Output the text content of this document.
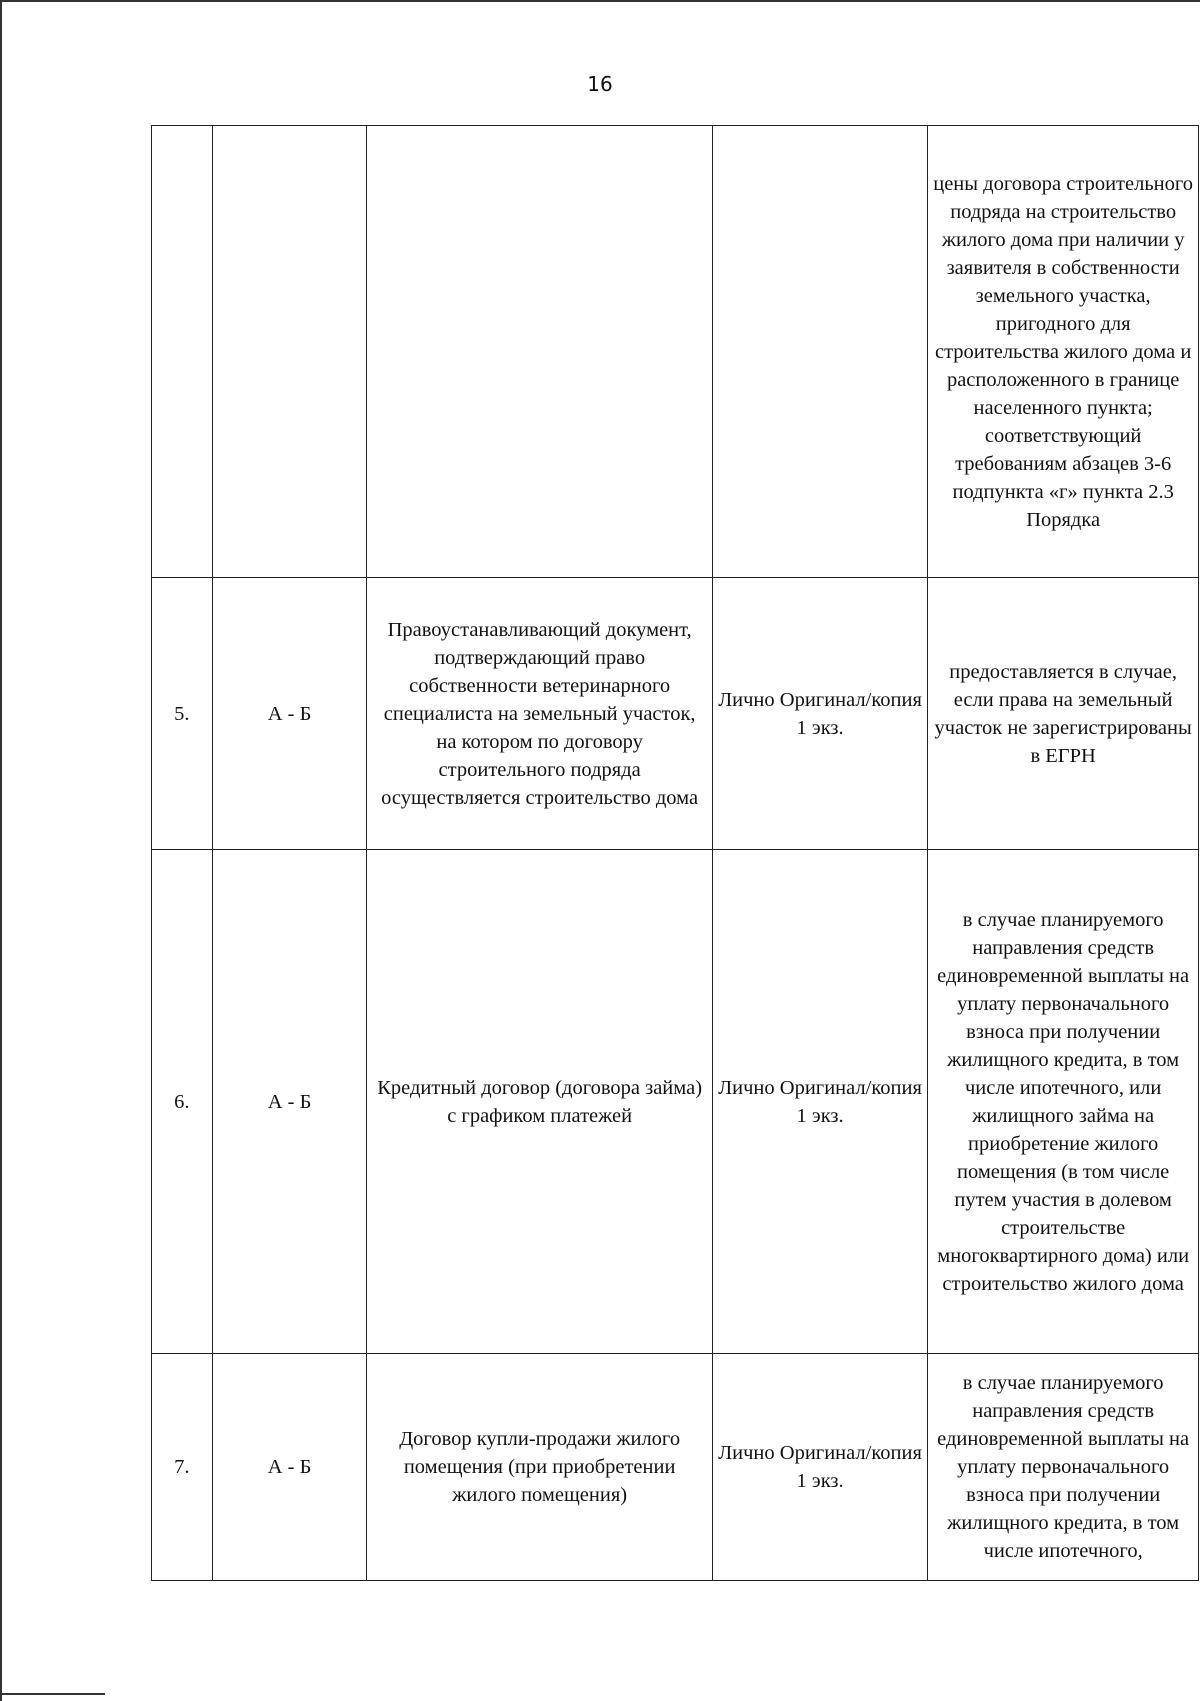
16

				цены договора строительного подряда на строительство жилого дома при наличии у заявителя в собственности земельного участка, пригодного для строительства жилого дома и расположенного в границе населенного пункта; соответствующий требованиям абзацев 3-6 подпункта «г» пункта 2.3 Порядка

5.	А - Б	Правоустанавливающий документ, подтверждающий право собственности ветеринарного специалиста на земельный участок, на котором по договору строительного подряда осуществляется строительство дома	Лично Оригинал/копия 1 экз.	предоставляется в случае, если права на земельный участок не зарегистрированы в ЕГРН

6.	А - Б	Кредитный договор (договора займа) с графиком платежей	Лично Оригинал/копия 1 экз.	в случае планируемого направления средств единовременной выплаты на уплату первоначального взноса при получении жилищного кредита, в том числе ипотечного, или жилищного займа на приобретение жилого помещения (в том числе путем участия в долевом строительстве многоквартирного дома) или строительство жилого дома

7.	А - Б	Договор купли-продажи жилого помещения (при приобретении жилого помещения)	Лично Оригинал/копия 1 экз.	в случае планируемого направления средств единовременной выплаты на уплату первоначального взноса при получении жилищного кредита, в том числе ипотечного,
